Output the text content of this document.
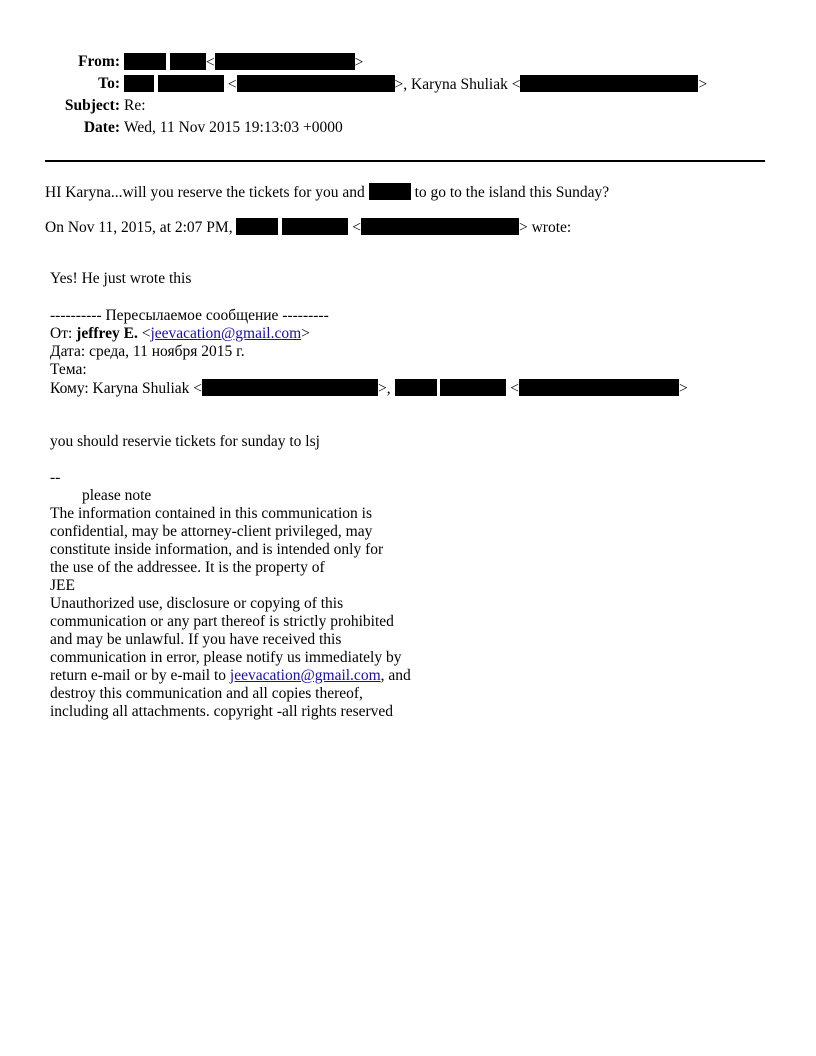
From:	<	>
To:	<	>, Karyna Shuliak <	>
Subject: Re:
Date: Wed, 11 Nov 2015 19:13:03 +0000
HI Karyna...will you reserve the tickets for you and	to go to the island this Sunday?
On Nov 11, 2015, at 2:07 PM,	<	> wrote:
Yes! He just wrote this
---------- Пересылаемое сообщение ---------
От: jeffrey E. <jeevacation@gmail.com>
Дата: среда, 11 ноября 2015 г.
Тема:
Кому: Karyna Shuliak <	>,	<	>
you should reservie tickets for sunday to lsj
--
please note
The information contained in this communication is
confidential, may be attorney-client privileged, may
constitute inside information, and is intended only for
the use of the addressee. It is the property of
JEE
Unauthorized use, disclosure or copying of this
communication or any part thereof is strictly prohibited
and may be unlawful. If you have received this
communication in error, please notify us immediately by
return e-mail or by e-mail to jeevacation@gmail.com, and
destroy this communication and all copies thereof,
including all attachments. copyright -all rights reserved
